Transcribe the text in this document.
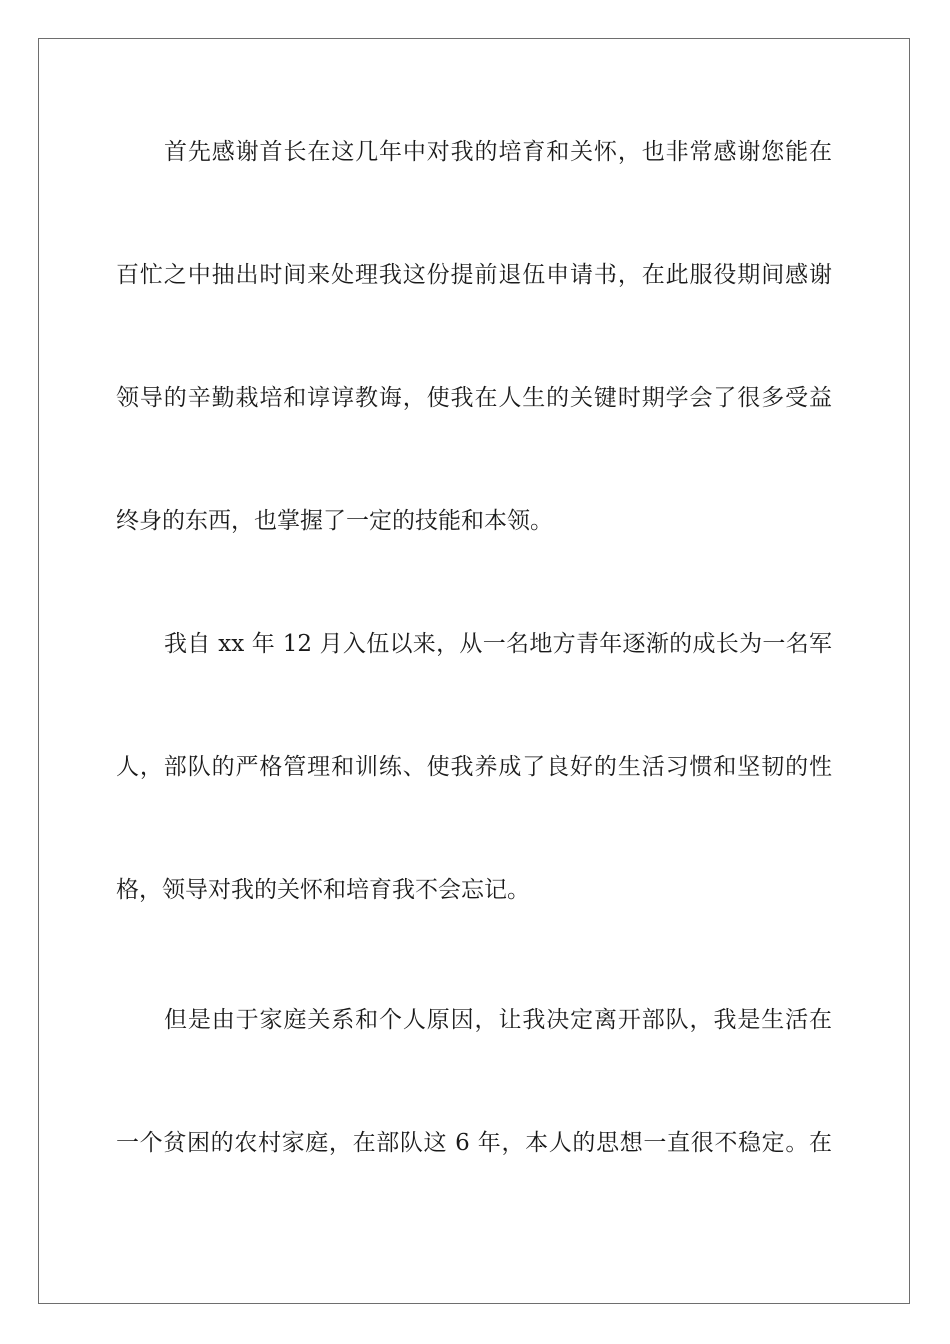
首先感谢首长在这几年中对我的培育和关怀，也非常感谢您能在
百忙之中抽出时间来处理我这份提前退伍申请书，在此服役期间感谢
领导的辛勤栽培和谆谆教诲，使我在人生的关键时期学会了很多受益
终身的东西，也掌握了一定的技能和本领。
我自 xx 年 12 月入伍以来，从一名地方青年逐渐的成长为一名军
人，部队的严格管理和训练、使我养成了良好的生活习惯和坚韧的性
格，领导对我的关怀和培育我不会忘记。
但是由于家庭关系和个人原因，让我决定离开部队，我是生活在
一个贫困的农村家庭，在部队这 6 年，本人的思想一直很不稳定。在
